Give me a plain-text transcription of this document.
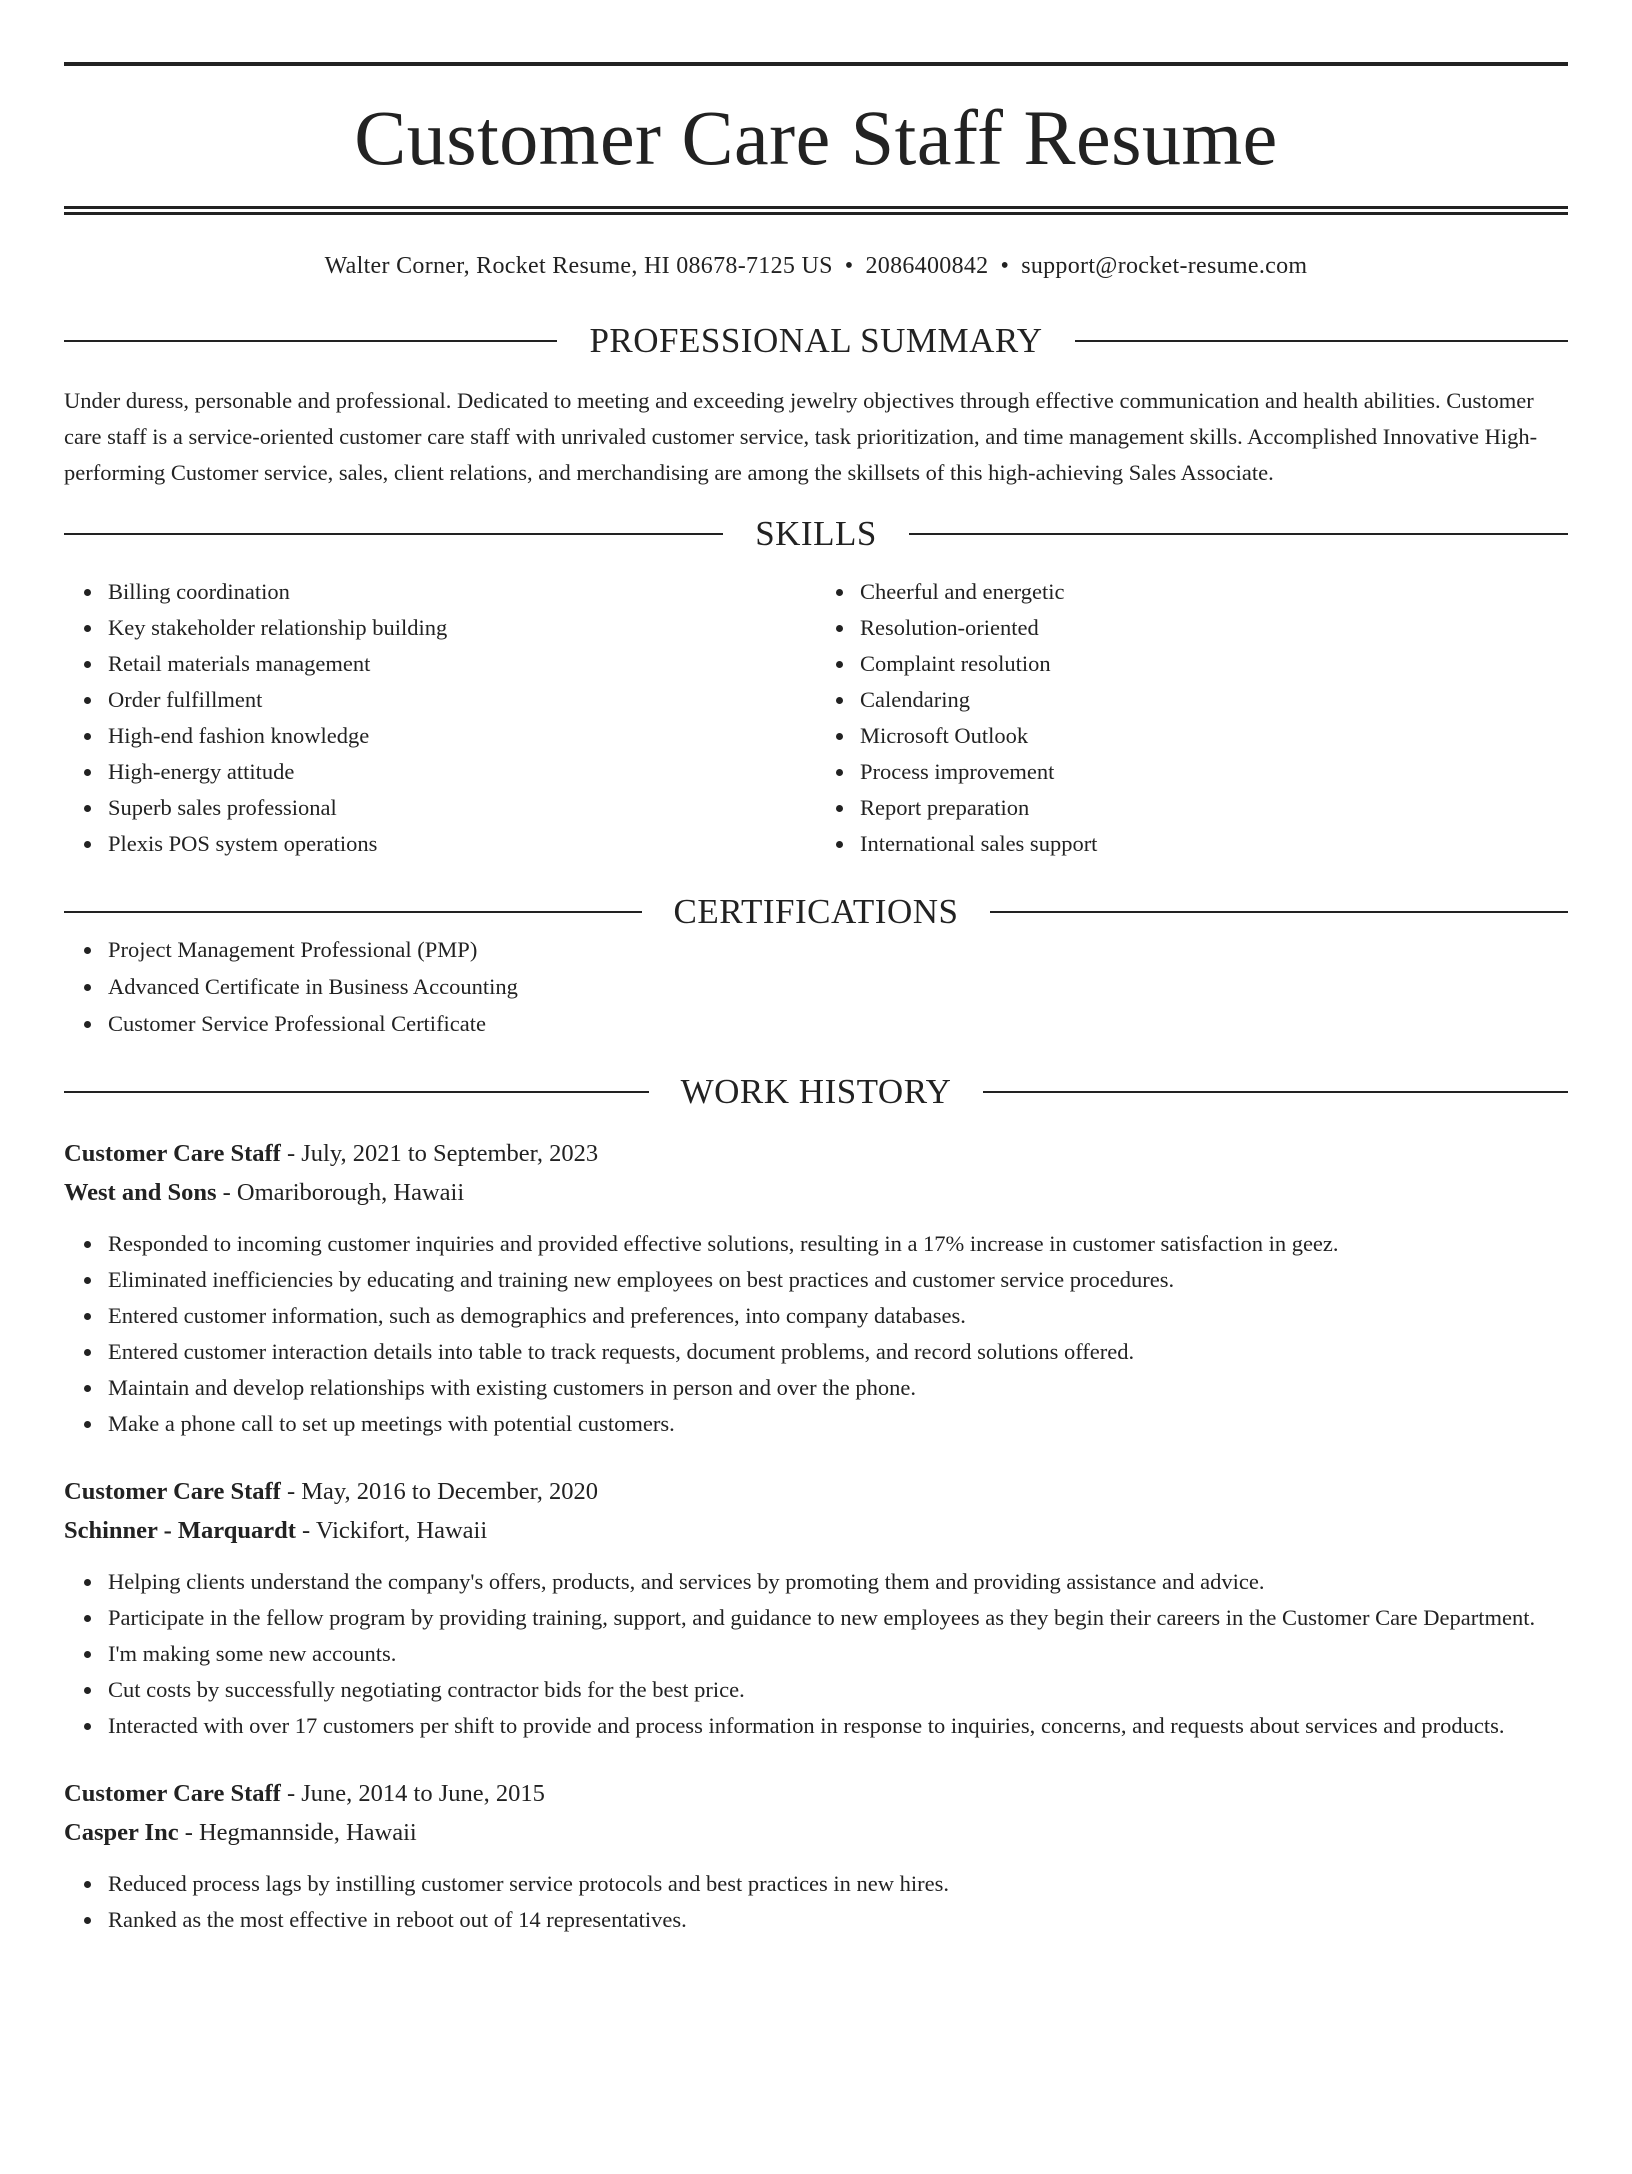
Customer Care Staff Resume
Walter Corner, Rocket Resume, HI 08678-7125 US • 2086400842 • support@rocket-resume.com
PROFESSIONAL SUMMARY

Under duress, personable and professional. Dedicated to meeting and exceeding jewelry objectives through effective communication and health abilities. Customer care staff is a service-oriented customer care staff with unrivaled customer service, task prioritization, and time management skills. Accomplished Innovative High-performing Customer service, sales, client relations, and merchandising are among the skillsets of this high-achieving Sales Associate.

SKILLS
Billing coordination
Key stakeholder relationship building
Retail materials management
Order fulfillment
High-end fashion knowledge
High-energy attitude
Superb sales professional
Plexis POS system operations
Cheerful and energetic
Resolution-oriented
Complaint resolution
Calendaring
Microsoft Outlook
Process improvement
Report preparation
International sales support
CERTIFICATIONS
Project Management Professional (PMP)
Advanced Certificate in Business Accounting
Customer Service Professional Certificate
WORK HISTORY
Customer Care Staff - July, 2021 to September, 2023
West and Sons - Omariborough, Hawaii
Responded to incoming customer inquiries and provided effective solutions, resulting in a 17% increase in customer satisfaction in geez.
Eliminated inefficiencies by educating and training new employees on best practices and customer service procedures.
Entered customer information, such as demographics and preferences, into company databases.
Entered customer interaction details into table to track requests, document problems, and record solutions offered.
Maintain and develop relationships with existing customers in person and over the phone.
Make a phone call to set up meetings with potential customers.
Customer Care Staff - May, 2016 to December, 2020
Schinner - Marquardt - Vickifort, Hawaii
Helping clients understand the company's offers, products, and services by promoting them and providing assistance and advice.
Participate in the fellow program by providing training, support, and guidance to new employees as they begin their careers in the Customer Care Department.
I'm making some new accounts.
Cut costs by successfully negotiating contractor bids for the best price.
Interacted with over 17 customers per shift to provide and process information in response to inquiries, concerns, and requests about services and products.
Customer Care Staff - June, 2014 to June, 2015
Casper Inc - Hegmannside, Hawaii
Reduced process lags by instilling customer service protocols and best practices in new hires.
Ranked as the most effective in reboot out of 14 representatives.
